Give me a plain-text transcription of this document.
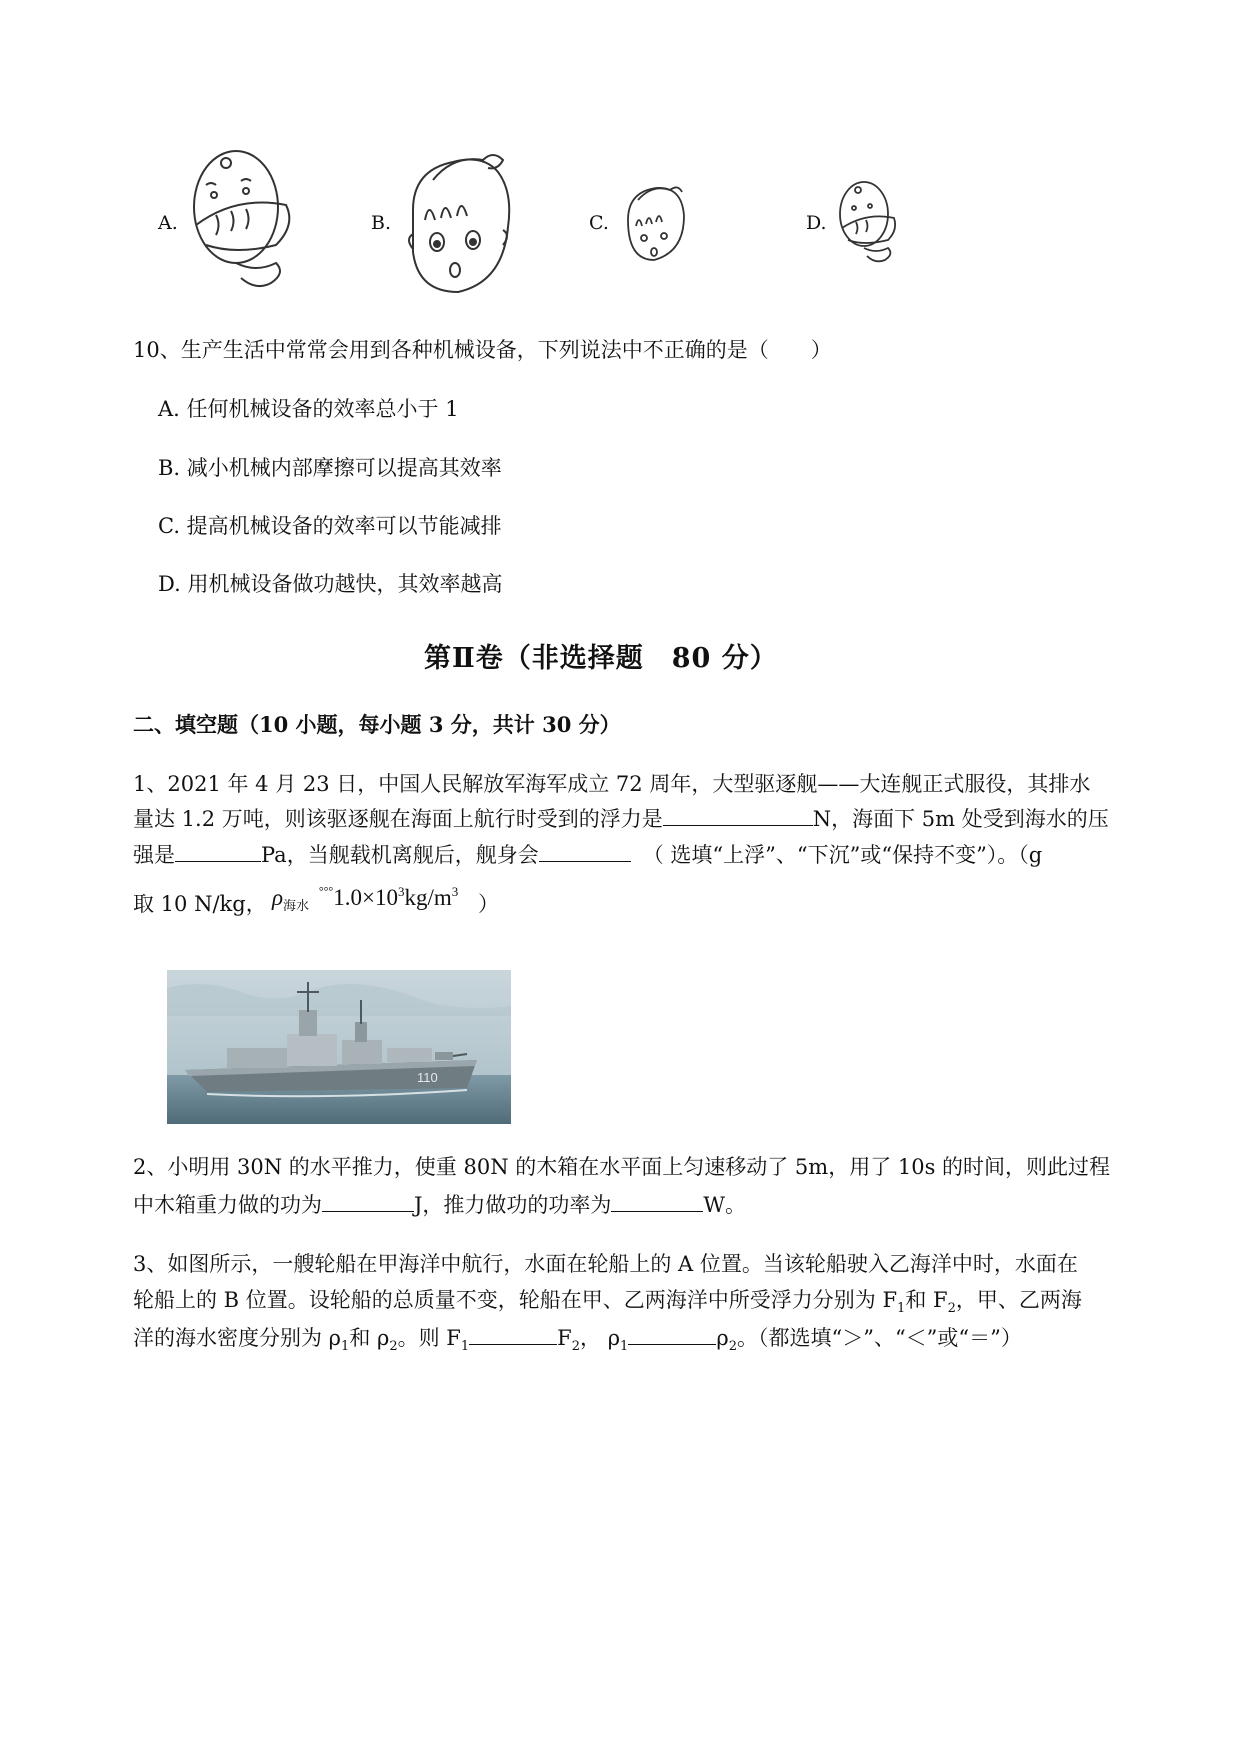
A.	B.	C.	D.
10、生产生活中常常会用到各种机械设备，下列说法中不正确的是（　　）
A. 任何机械设备的效率总小于 1
B. 减小机械内部摩擦可以提高其效率
C. 提高机械设备的效率可以节能减排
D. 用机械设备做功越快，其效率越高
第Ⅱ卷（非选择题　80 分）
二、填空题（10 小题，每小题 3 分，共计 30 分）
1、2021 年 4 月 23 日，中国人民解放军海军成立 72 周年，大型驱逐舰——大连舰正式服役，其排水
量达 1.2 万吨，则该驱逐舰在海面上航行时受到的浮力是	N，海面下 5m 处受到海水的压
强是	Pa，当舰载机离舰后，舰身会	（ 选填“上浮”、“下沉”或“保持不变”）。（g
取 10 N/kg， $\rho_{海水}$ $^{^\circ^\circ^\circ}1.0\times 10^3kg/m^3$
）
110
2、小明用 30N 的水平推力，使重 80N 的木箱在水平面上匀速移动了 5m，用了 10s 的时间，则此过程
中木箱重力做的功为	J，推力做功的功率为	W。
3、如图所示，一艘轮船在甲海洋中航行，水面在轮船上的 A 位置。当该轮船驶入乙海洋中时，水面在
轮船上的 B 位置。设轮船的总质量不变，轮船在甲、乙两海洋中所受浮力分别为 $F_1$和 $F_2$，甲、乙两海
洋的海水密度分别为 $\rho_1$和 $\rho_2$。则 $F_1$	$F_2$， $\rho_1$	$\rho_2$。（都选填“＞”、“＜”或“＝”）
